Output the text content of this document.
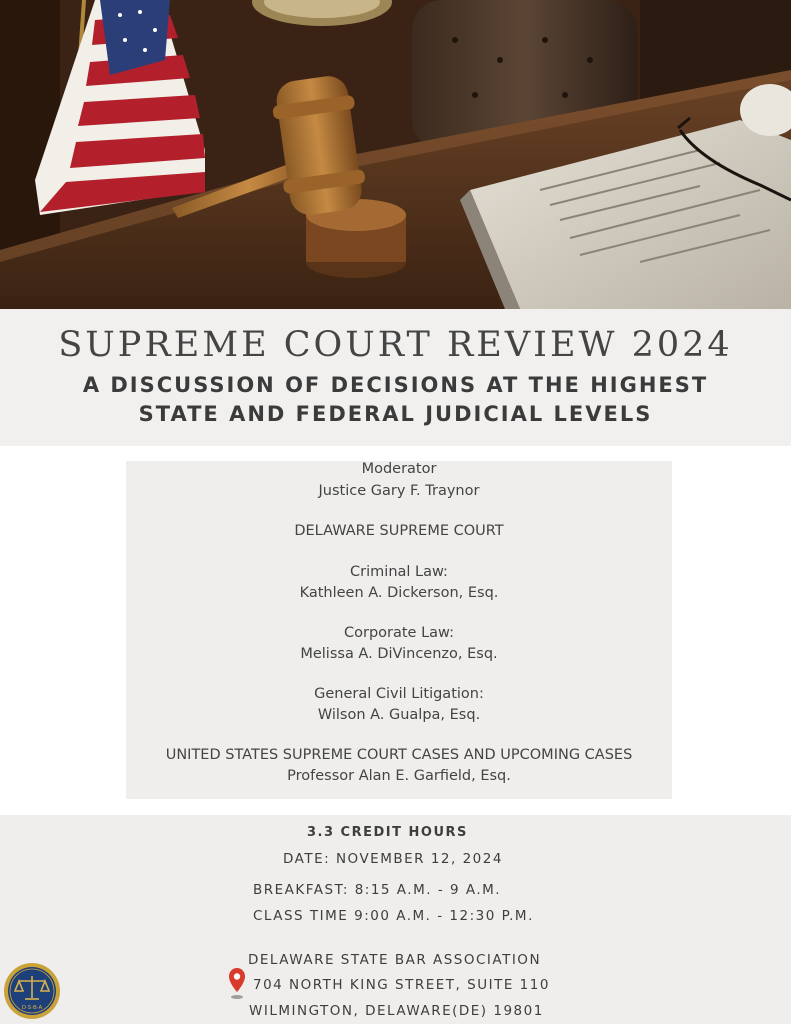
SUPREME COURT REVIEW 2024
A DISCUSSION OF DECISIONS AT THE HIGHEST
STATE AND FEDERAL JUDICIAL LEVELS
Moderator
Justice Gary F. Traynor
DELAWARE SUPREME COURT
Criminal Law:
Kathleen A. Dickerson, Esq.
Corporate Law:
Melissa A. DiVincenzo, Esq.
General Civil Litigation:
Wilson A. Gualpa, Esq.
UNITED STATES SUPREME COURT CASES AND UPCOMING CASES
Professor Alan E. Garfield, Esq.
3.3 CREDIT HOURS
DATE: NOVEMBER 12, 2024
BREAKFAST: 8:15 A.M. - 9 A.M.
CLASS TIME 9:00 A.M. - 12:30 P.M.
DELAWARE STATE BAR ASSOCIATION
704 NORTH KING STREET, SUITE 110
WILMINGTON, DELAWARE(DE) 19801
D·S·B·A
